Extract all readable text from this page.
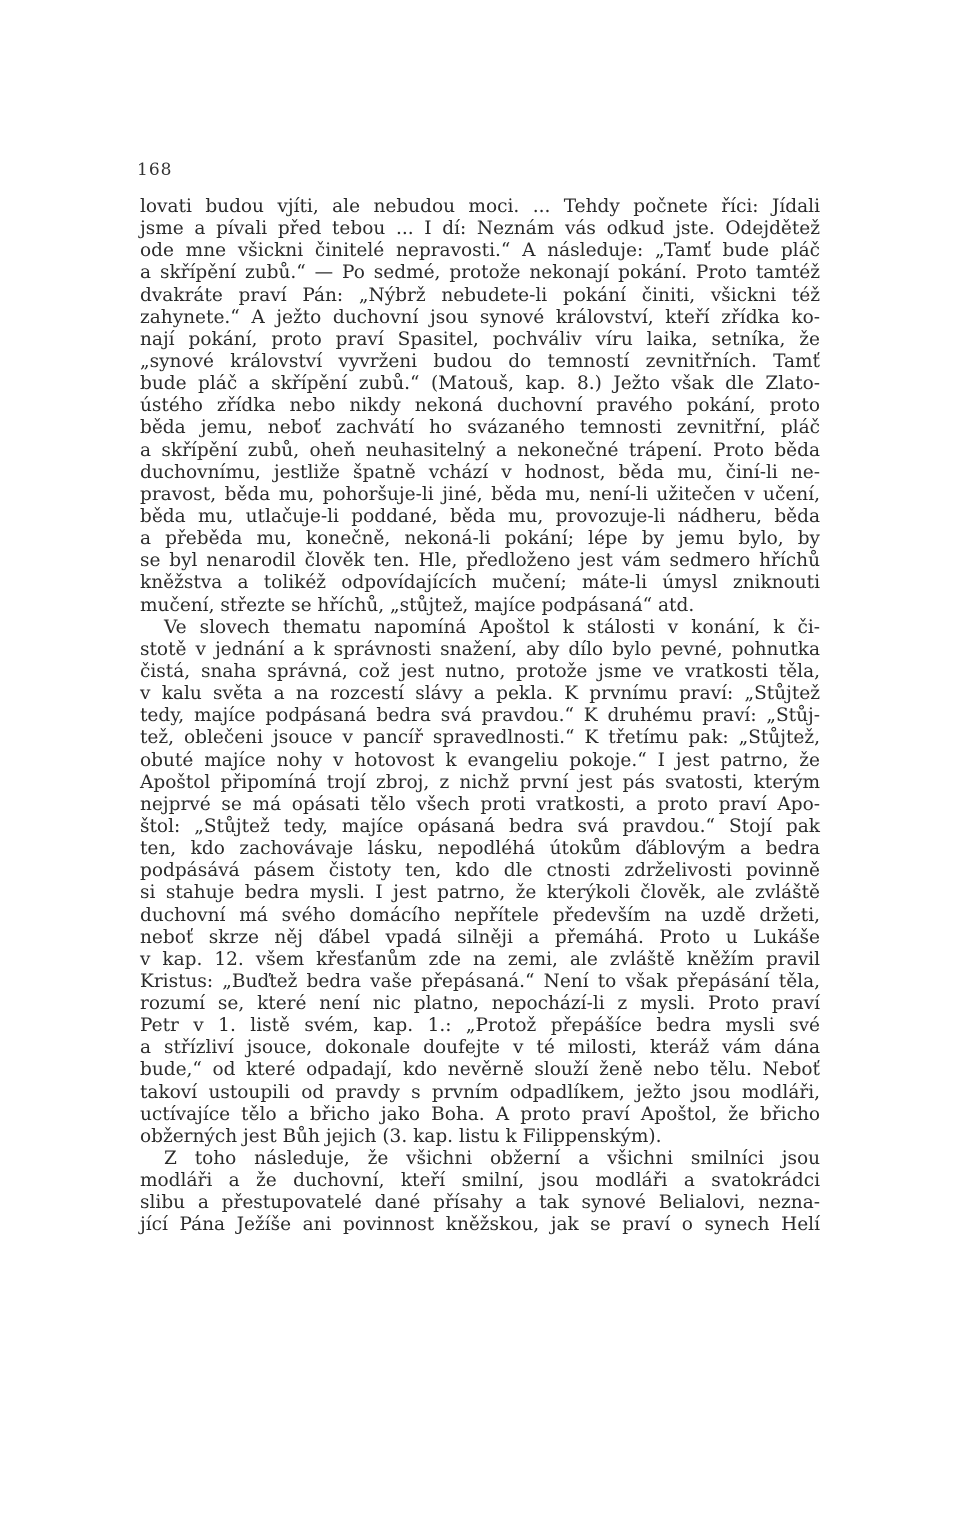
168
lovati budou vjíti, ale nebudou moci. ... Tehdy počnete říci: Jídali
jsme a pívali před tebou ... I dí: Neznám vás odkud jste. Odejdětež
ode mne všickni činitelé nepravosti.“ A následuje: „Tamť bude pláč
a skřípění zubů.“ — Po sedmé, protože nekonají pokání. Proto tamtéž
dvakráte praví Pán: „Nýbrž nebudete-li pokání činiti, všickni též
zahynete.“ A ježto duchovní jsou synové království, kteří zřídka ko-
nají pokání, proto praví Spasitel, pochváliv víru laika, setníka, že
„synové království vyvrženi budou do temností zevnitřních. Tamť
bude pláč a skřípění zubů.“ (Matouš, kap. 8.) Ježto však dle Zlato-
ústého zřídka nebo nikdy nekoná duchovní pravého pokání, proto
běda jemu, neboť zachvátí ho svázaného temnosti zevnitřní, pláč
a skřípění zubů, oheň neuhasitelný a nekonečné trápení. Proto běda
duchovnímu, jestliže špatně vchází v hodnost, běda mu, činí-li ne-
pravost, běda mu, pohoršuje-li jiné, běda mu, není-li užitečen v učení,
běda mu, utlačuje-li poddané, běda mu, provozuje-li nádheru, běda
a přeběda mu, konečně, nekoná-li pokání; lépe by jemu bylo, by
se byl nenarodil člověk ten. Hle, předloženo jest vám sedmero hříchů
kněžstva a tolikéž odpovídajících mučení; máte-li úmysl zniknouti
mučení, střezte se hříchů, „stůjtež, majíce podpásaná“ atd.
Ve slovech thematu napomíná Apoštol k stálosti v konání, k či-
stotě v jednání a k správnosti snažení, aby dílo bylo pevné, pohnutka
čistá, snaha správná, což jest nutno, protože jsme ve vratkosti těla,
v kalu světa a na rozcestí slávy a pekla. K prvnímu praví: „Stůjtež
tedy, majíce podpásaná bedra svá pravdou.“ K druhému praví: „Stůj-
tež, oblečeni jsouce v pancíř spravedlnosti.“ K třetímu pak: „Stůjtež,
obuté majíce nohy v hotovost k evangeliu pokoje.“ I jest patrno, že
Apoštol připomíná trojí zbroj, z nichž první jest pás svatosti, kterým
nejprvé se má opásati tělo všech proti vratkosti, a proto praví Apo-
štol: „Stůjtež tedy, majíce opásaná bedra svá pravdou.“ Stojí pak
ten, kdo zachovávaje lásku, nepodléhá útokům ďáblovým a bedra
podpásává pásem čistoty ten, kdo dle ctnosti zdrželivosti povinně
si stahuje bedra mysli. I jest patrno, že kterýkoli člověk, ale zvláště
duchovní má svého domácího nepřítele především na uzdě držeti,
neboť skrze něj ďábel vpadá silněji a přemáhá. Proto u Lukáše
v kap. 12. všem křesťanům zde na zemi, ale zvláště kněžím pravil
Kristus: „Buďtež bedra vaše přepásaná.“ Není to však přepásání těla,
rozumí se, které není nic platno, nepochází-li z mysli. Proto praví
Petr v 1. listě svém, kap. 1.: „Protož přepášíce bedra mysli své
a střízliví jsouce, dokonale doufejte v té milosti, kteráž vám dána
bude,“ od které odpadají, kdo nevěrně slouží ženě nebo tělu. Neboť
takoví ustoupili od pravdy s prvním odpadlíkem, ježto jsou modláři,
uctívajíce tělo a břicho jako Boha. A proto praví Apoštol, že břicho
obžerných jest Bůh jejich (3. kap. listu k Filippenským).
Z toho následuje, že všichni obžerní a všichni smilníci jsou
modláři a že duchovní, kteří smilní, jsou modláři a svatokrádci
slibu a přestupovatelé dané přísahy a tak synové Belialovi, nezna-
jící Pána Ježíše ani povinnost kněžskou, jak se praví o synech Helí
